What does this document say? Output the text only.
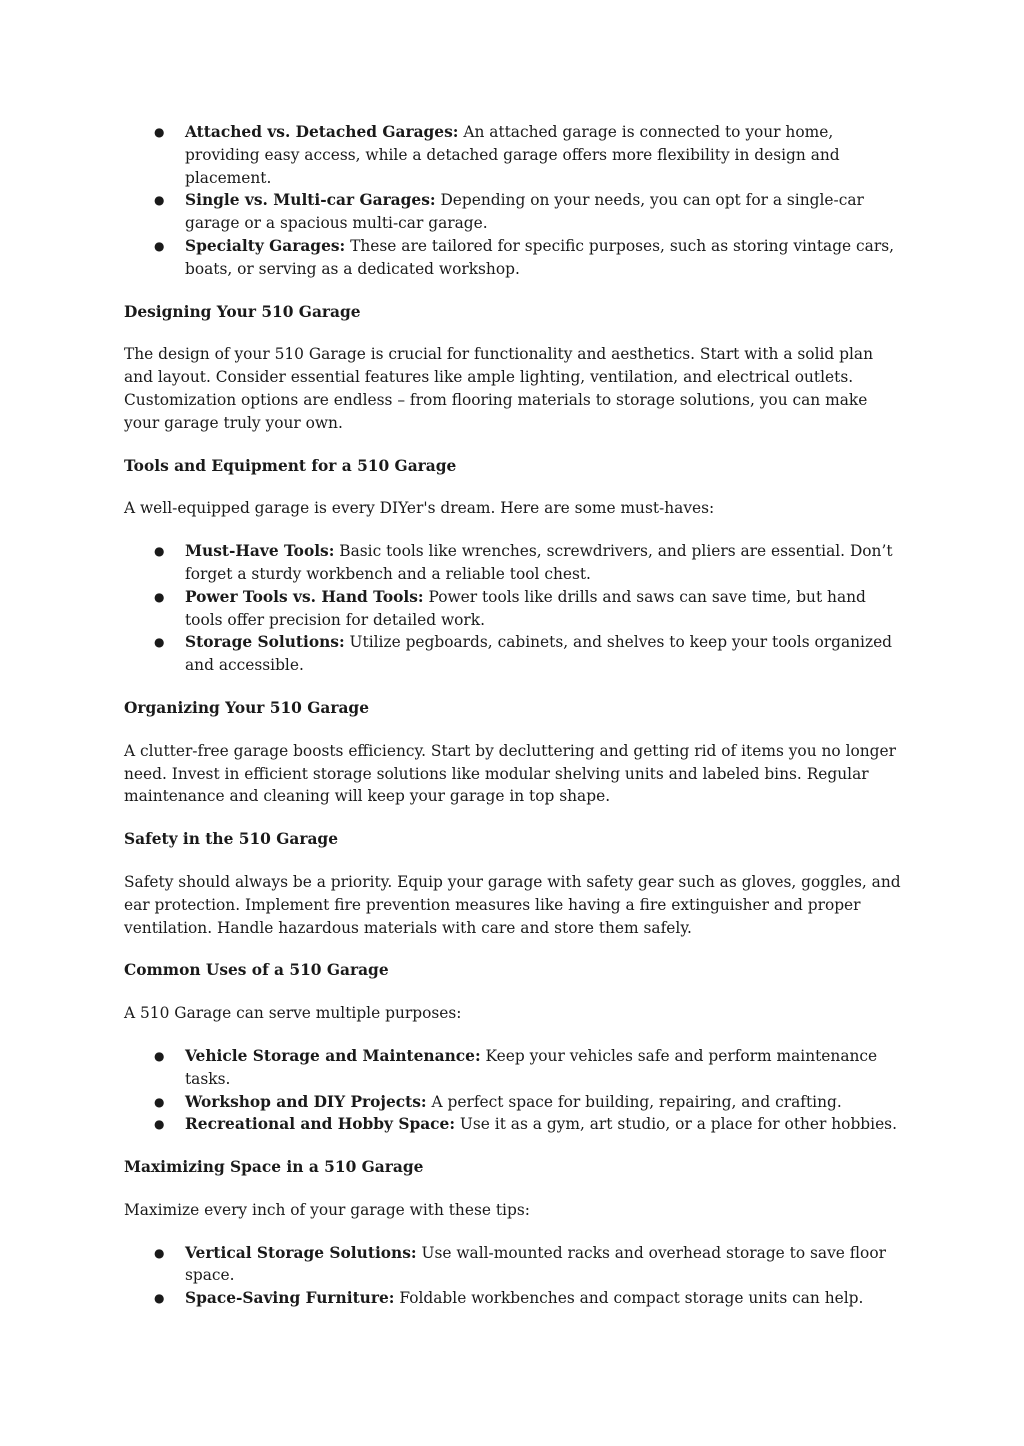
● Attached vs. Detached Garages: An attached garage is connected to your home, providing easy access, while a detached garage offers more flexibility in design and placement.
● Single vs. Multi-car Garages: Depending on your needs, you can opt for a single-car garage or a spacious multi-car garage.
● Specialty Garages: These are tailored for specific purposes, such as storing vintage cars, boats, or serving as a dedicated workshop.
Designing Your 510 Garage

The design of your 510 Garage is crucial for functionality and aesthetics. Start with a solid plan and layout. Consider essential features like ample lighting, ventilation, and electrical outlets. Customization options are endless – from flooring materials to storage solutions, you can make your garage truly your own.

Tools and Equipment for a 510 Garage

A well-equipped garage is every DIYer's dream. Here are some must-haves:

● Must-Have Tools: Basic tools like wrenches, screwdrivers, and pliers are essential. Don’t forget a sturdy workbench and a reliable tool chest.
● Power Tools vs. Hand Tools: Power tools like drills and saws can save time, but hand tools offer precision for detailed work.
● Storage Solutions: Utilize pegboards, cabinets, and shelves to keep your tools organized and accessible.
Organizing Your 510 Garage

A clutter-free garage boosts efficiency. Start by decluttering and getting rid of items you no longer need. Invest in efficient storage solutions like modular shelving units and labeled bins. Regular maintenance and cleaning will keep your garage in top shape.

Safety in the 510 Garage

Safety should always be a priority. Equip your garage with safety gear such as gloves, goggles, and ear protection. Implement fire prevention measures like having a fire extinguisher and proper ventilation. Handle hazardous materials with care and store them safely.

Common Uses of a 510 Garage

A 510 Garage can serve multiple purposes:

● Vehicle Storage and Maintenance: Keep your vehicles safe and perform maintenance tasks.
● Workshop and DIY Projects: A perfect space for building, repairing, and crafting.
● Recreational and Hobby Space: Use it as a gym, art studio, or a place for other hobbies.
Maximizing Space in a 510 Garage

Maximize every inch of your garage with these tips:

● Vertical Storage Solutions: Use wall-mounted racks and overhead storage to save floor space.
● Space-Saving Furniture: Foldable workbenches and compact storage units can help.
